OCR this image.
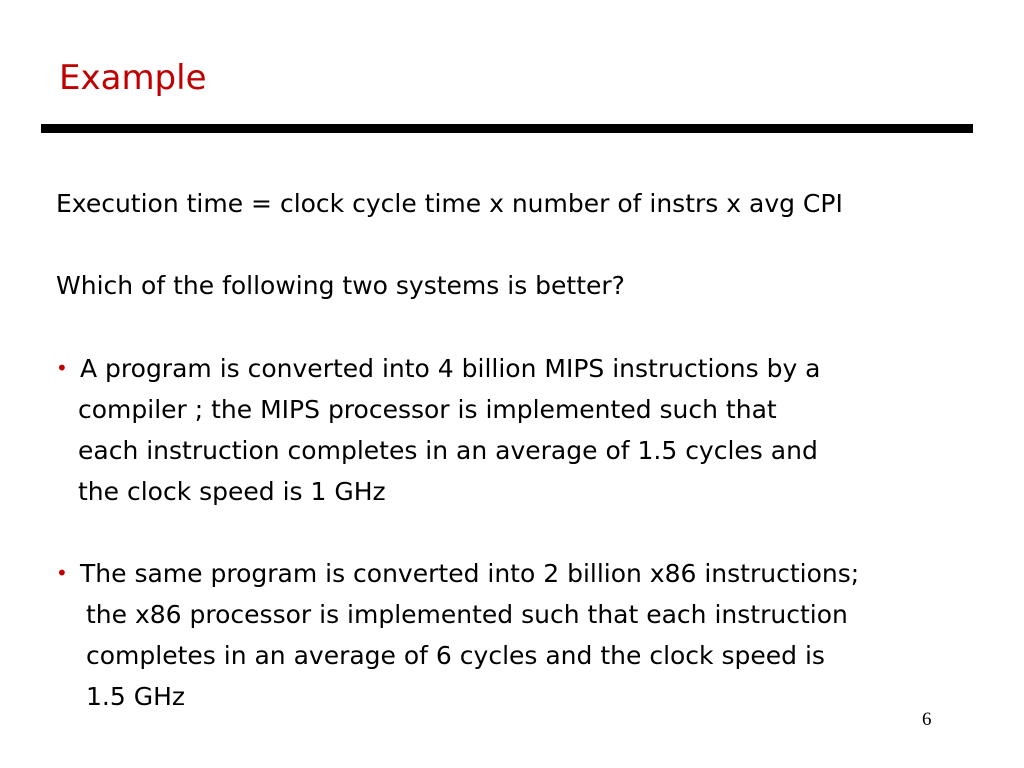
Example
Execution time = clock cycle time x number of instrs x avg CPI
Which of the following two systems is better?
• A program is converted into 4 billion MIPS instructions by a
compiler ; the MIPS processor is implemented such that
each instruction completes in an average of 1.5 cycles and
the clock speed is 1 GHz
• The same program is converted into 2 billion x86 instructions;
the x86 processor is implemented such that each instruction
completes in an average of 6 cycles and the clock speed is
1.5 GHz
6
